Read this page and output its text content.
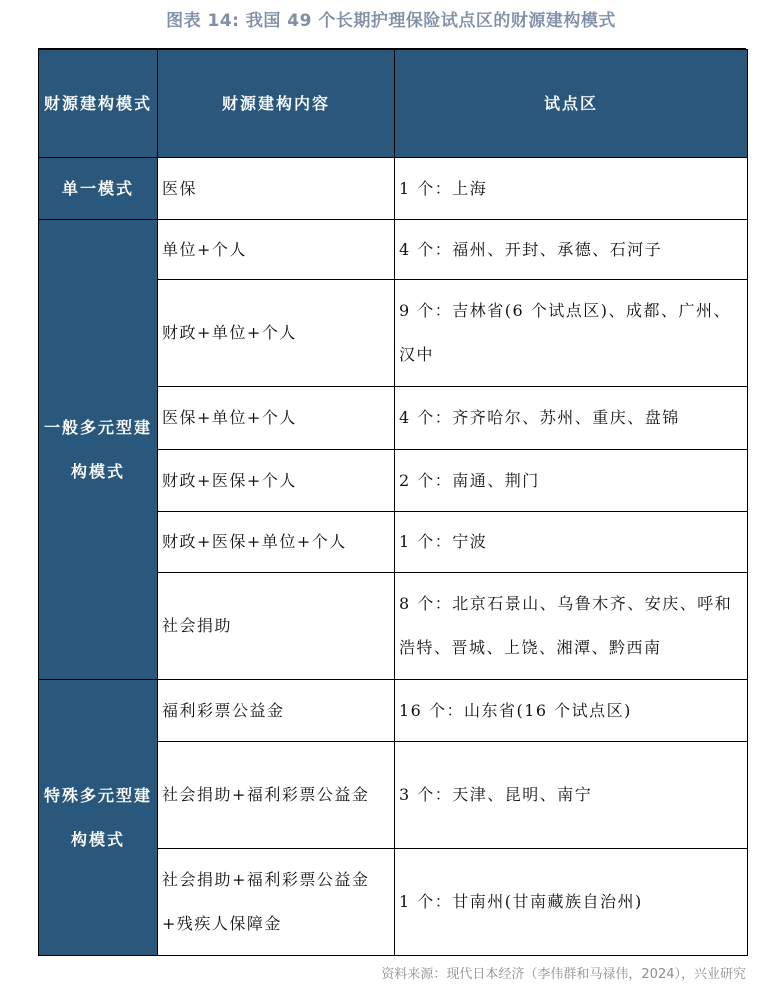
图表 14: 我国 49 个长期护理保险试点区的财源建构模式
财源建构模式	财源建构内容	试点区
单一模式	医保	1 个：上海
一般多元型建构模式	单位+个人	4 个：福州、开封、承德、石河子
	财政+单位+个人	9 个：吉林省(6 个试点区)、成都、广州、汉中
	医保+单位+个人	4 个：齐齐哈尔、苏州、重庆、盘锦
	财政+医保+个人	2 个：南通、荆门
	财政+医保+单位+个人	1 个：宁波
	社会捐助	8 个：北京石景山、乌鲁木齐、安庆、呼和浩特、晋城、上饶、湘潭、黔西南
特殊多元型建构模式	福利彩票公益金	16 个：山东省(16 个试点区)
	社会捐助+福利彩票公益金	3 个：天津、昆明、南宁
	社会捐助+福利彩票公益金+残疾人保障金	1 个：甘南州(甘南藏族自治州)
资料来源：现代日本经济（李伟群和马禄伟，2024），兴业研究
